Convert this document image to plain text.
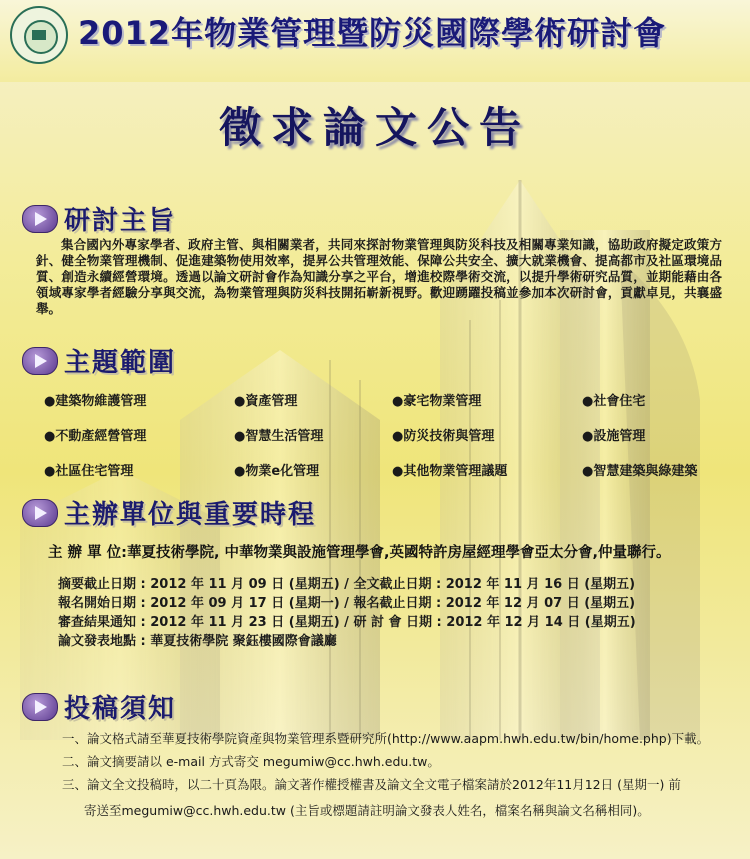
2012年物業管理暨防災國際學術研討會
徵求論文公告
研討主旨
集合國內外專家學者、政府主管、與相關業者，共同來探討物業管理與防災科技及相關專業知識，協助政府擬定政策方針、健全物業管理機制、促進建築物使用效率，提昇公共管理效能、保障公共安全、擴大就業機會、提高都市及社區環境品質、創造永續經營環境。透過以論文研討會作為知識分享之平台，增進校際學術交流，以提升學術研究品質，並期能藉由各領域專家學者經驗分享與交流，為物業管理與防災科技開拓嶄新視野。歡迎踴躍投稿並參加本次研討會，貢獻卓見，共襄盛舉。
主題範圍
●建築物維護管理	●資產管理	●豪宅物業管理	●社會住宅
●不動產經營管理	●智慧生活管理	●防災技術與管理	●設施管理
●社區住宅管理	●物業e化管理	●其他物業管理議題	●智慧建築與綠建築
主辦單位與重要時程
主 辦 單 位:華夏技術學院, 中華物業與設施管理學會,英國特許房屋經理學會亞太分會,仲量聯行。
摘要截止日期 : 2012 年 11 月 09 日 (星期五) / 全文截止日期 : 2012 年 11 月 16 日 (星期五)
報名開始日期 : 2012 年 09 月 17 日 (星期一) / 報名截止日期 : 2012 年 12 月 07 日 (星期五)
審查結果通知 : 2012 年 11 月 23 日 (星期五) / 研 討 會 日期 : 2012 年 12 月 14 日 (星期五)
論文發表地點 : 華夏技術學院 聚鈺樓國際會議廳
投稿須知
一、論文格式請至華夏技術學院資產與物業管理系暨研究所(http://www.aapm.hwh.edu.tw/bin/home.php)下載。
二、論文摘要請以 e-mail 方式寄交 megumiw@cc.hwh.edu.tw。
三、論文全文投稿時，以二十頁為限。論文著作權授權書及論文全文電子檔案請於2012年11月12日 (星期一) 前
寄送至megumiw@cc.hwh.edu.tw (主旨或標題請註明論文發表人姓名，檔案名稱與論文名稱相同)。
